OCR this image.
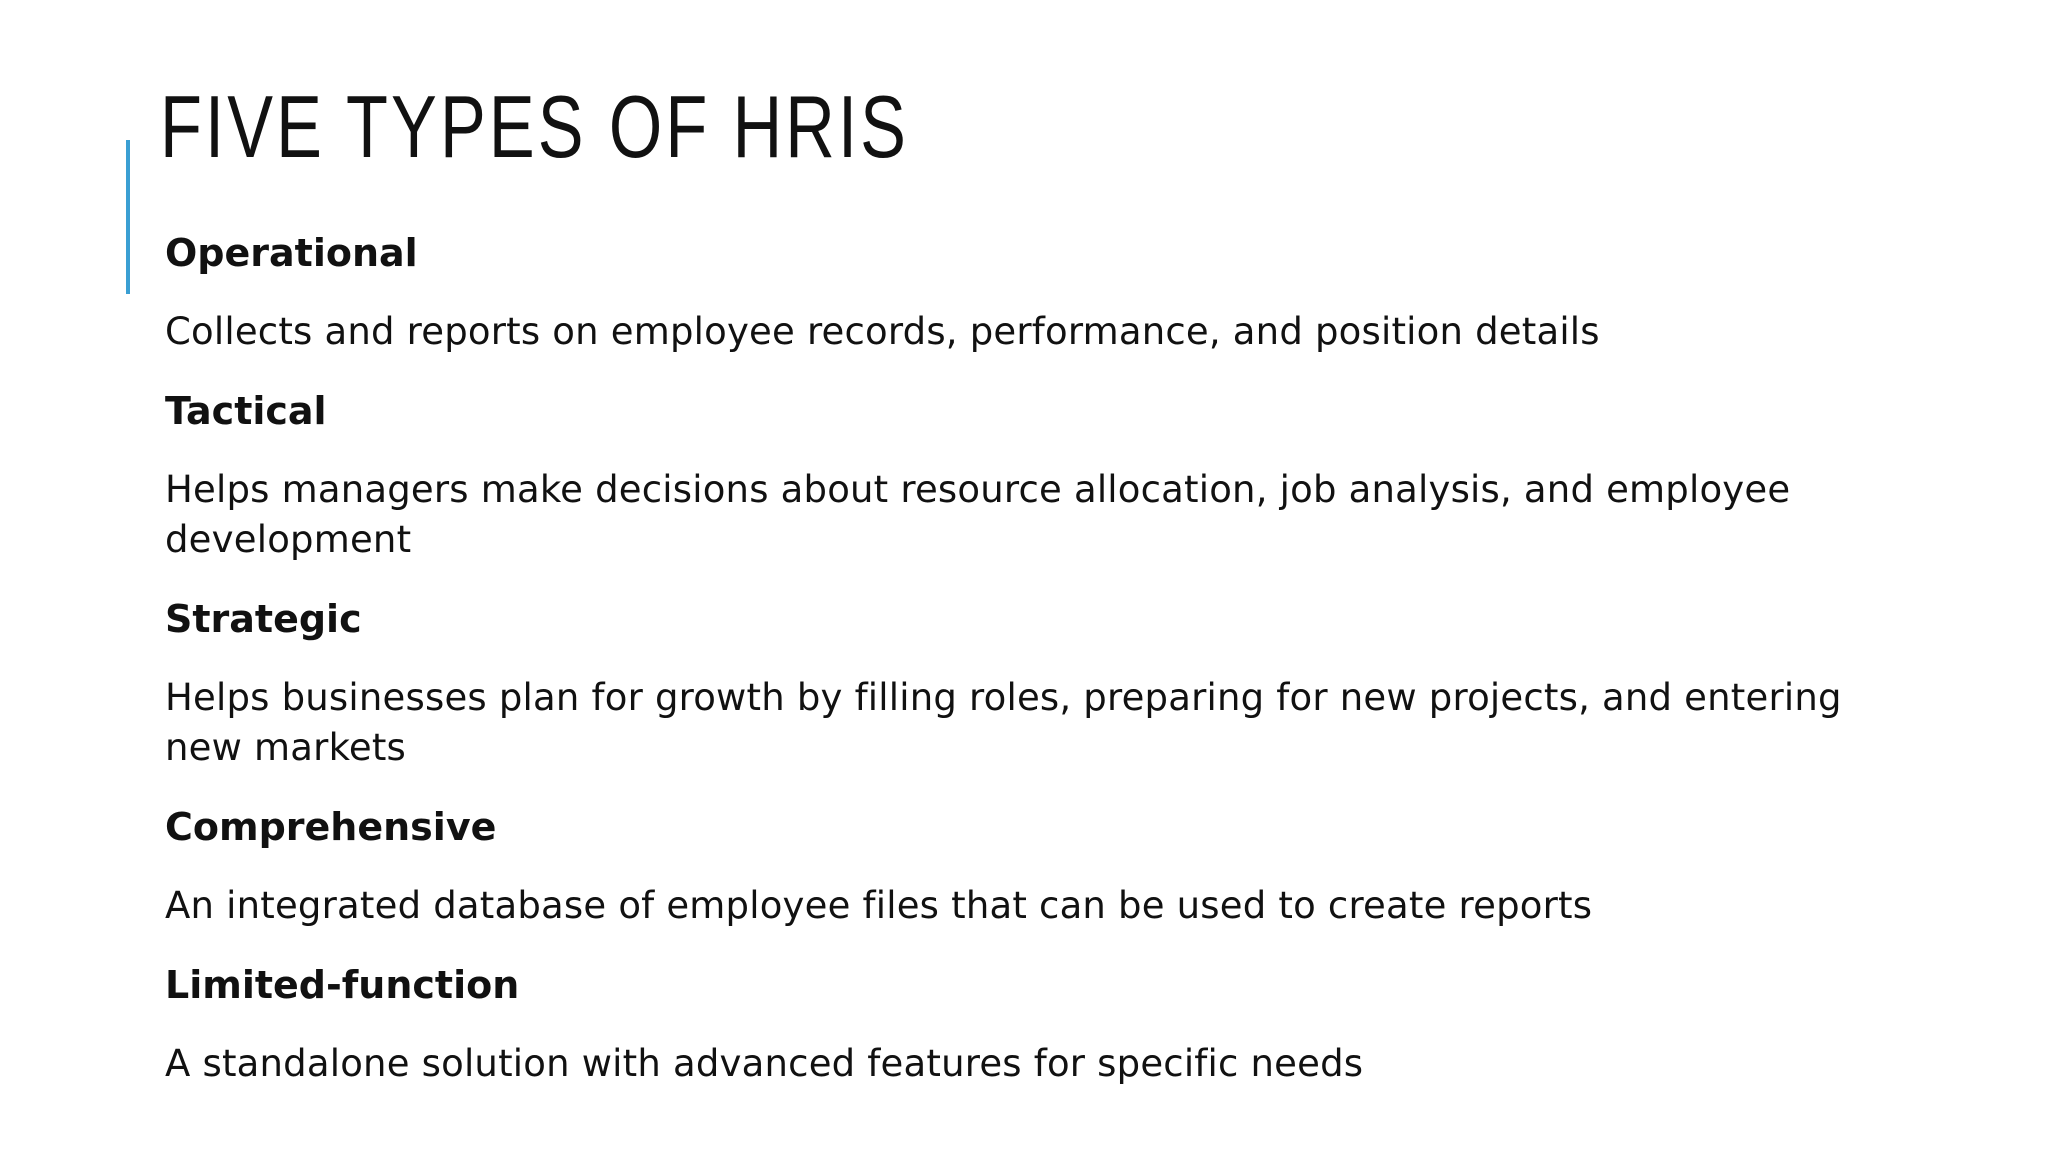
FIVE TYPES OF HRIS
Operational
Collects and reports on employee records, performance, and position details
Tactical
Helps managers make decisions about resource allocation, job analysis, and employee development
Strategic
Helps businesses plan for growth by filling roles, preparing for new projects, and entering new markets
Comprehensive
An integrated database of employee files that can be used to create reports
Limited-function
A standalone solution with advanced features for specific needs
